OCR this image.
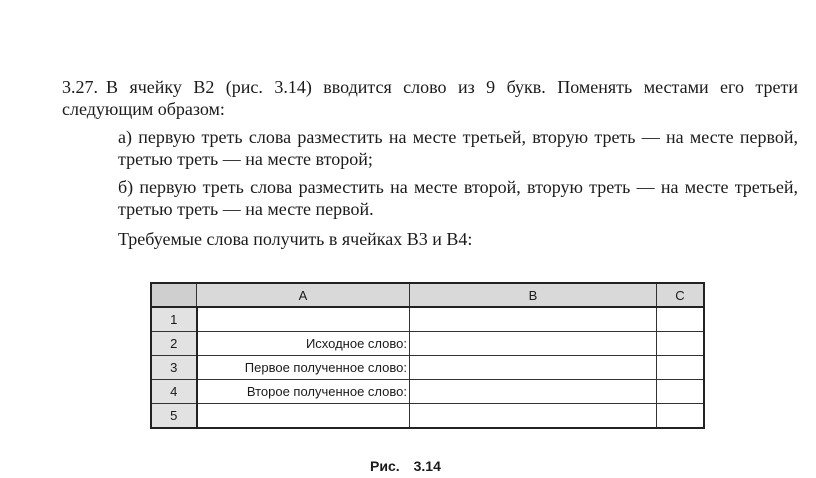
3.27. В ячейку В2 (рис. 3.14) вводится слово из 9 букв. Поменять местами его трети следующим образом:

а) первую треть слова разместить на месте третьей, вторую треть — на месте первой, третью треть — на месте второй;

б) первую треть слова разместить на месте второй, вторую треть — на месте третьей, третью треть — на месте первой.

Требуемые слова получить в ячейках В3 и В4:

	A	B	C
1			
2	Исходное слово:		
3	Первое полученное слово:		
4	Второе полученное слово:		
5			
Рис. 3.14
